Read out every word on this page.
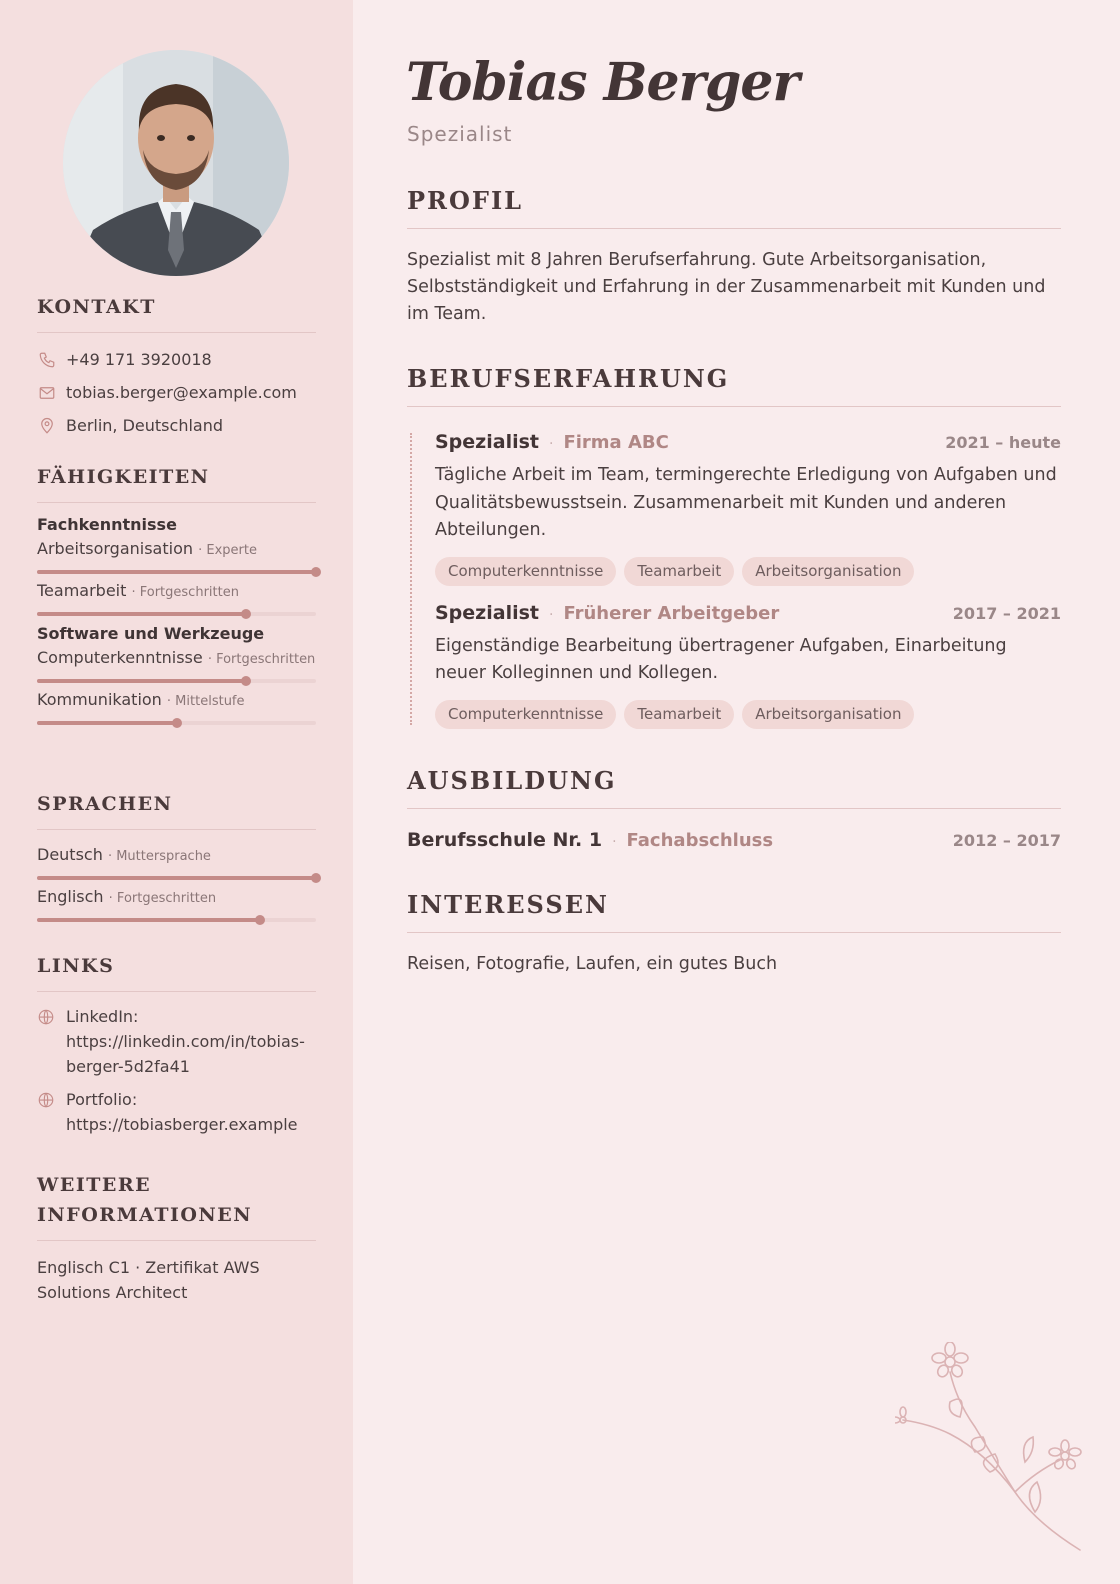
KONTAKT
+49 171 3920018
tobias.berger@example.com
Berlin, Deutschland
FÄHIGKEITEN
Fachkenntnisse
Arbeitsorganisation · Experte
Teamarbeit · Fortgeschritten
Software und Werkzeuge
Computerkenntnisse · Fortgeschritten
Kommunikation · Mittelstufe
SPRACHEN
Deutsch · Muttersprache
Englisch · Fortgeschritten
LINKS
LinkedIn:
https://linkedin.com/in/tobias-
berger-5d2fa41
Portfolio:
https://tobiasberger.example
WEITERE
INFORMATIONEN
Englisch C1 · Zertifikat AWS
Solutions Architect
Tobias Berger
Spezialist
PROFIL
Spezialist mit 8 Jahren Berufserfahrung. Gute Arbeitsorganisation, Selbstständigkeit und Erfahrung in der Zusammenarbeit mit Kunden und im Team.
BERUFSERFAHRUNG
Spezialist · Firma ABC	2021 – heute
Tägliche Arbeit im Team, termingerechte Erledigung von Aufgaben und Qualitätsbewusstsein. Zusammenarbeit mit Kunden und anderen Abteilungen.
Computerkenntnisse	Teamarbeit	Arbeitsorganisation
Spezialist · Früherer Arbeitgeber	2017 – 2021
Eigenständige Bearbeitung übertragener Aufgaben, Einarbeitung neuer Kolleginnen und Kollegen.
Computerkenntnisse	Teamarbeit	Arbeitsorganisation
AUSBILDUNG
Berufsschule Nr. 1 · Fachabschluss	2012 – 2017
INTERESSEN
Reisen, Fotografie, Laufen, ein gutes Buch
